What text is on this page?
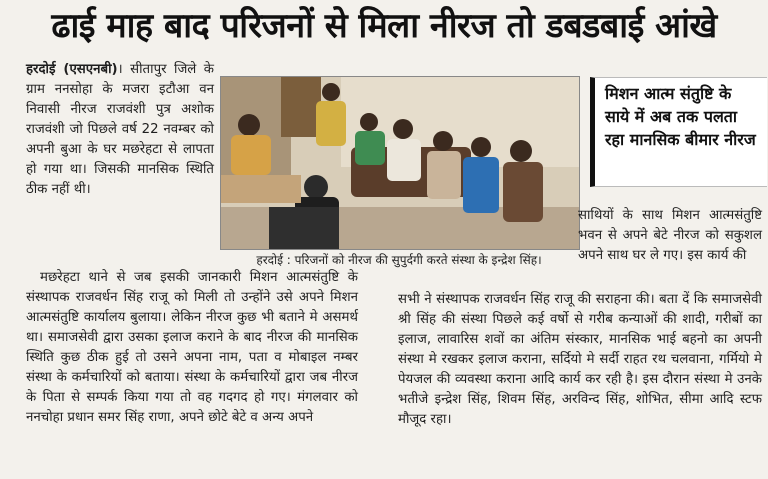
ढाई माह बाद परिजनों से मिला नीरज तो डबडबाई आंखे

हरदोई (एसएनबी)। सीतापुर जिले के ग्राम ननसोहा के मजरा इटौआ वन निवासी नीरज राजवंशी पुत्र अशोक राजवंशी जो पिछले वर्ष 22 नवम्बर को अपनी बुआ के घर मछरेहटा से लापता हो गया था। जिसकी मानसिक स्थिति ठीक नहीं थी।

हरदोई : परिजनों को नीरज की सुपुर्दगी करते संस्था के इन्द्रेश सिंह।
मिशन आत्म संतुष्टि के साये में अब तक पलता रहा मानसिक बीमार नीरज

मछरेहटा थाने से जब इसकी जानकारी मिशन आत्मसंतुष्टि के संस्थापक राजवर्धन सिंह राजू को मिली तो उन्होंने उसे अपने मिशन आत्मसंतुष्टि कार्यालय बुलाया। लेकिन नीरज कुछ भी बताने मे असमर्थ था। समाजसेवी द्वारा उसका इलाज कराने के बाद नीरज की मानसिक स्थिति कुछ ठीक हुई तो उसने अपना नाम, पता व मोबाइल नम्बर संस्था के कर्मचारियों को बताया। संस्था के कर्मचारियों द्वारा जब नीरज के पिता से सम्पर्क किया गया तो वह गदगद हो गए। मंगलवार को ननचोहा प्रधान समर सिंह राणा, अपने छोटे बेटे व अन्य अपने

साथियों के साथ मिशन आत्मसंतुष्टि भवन से अपने बेटे नीरज को सकुशल अपने साथ घर ले गए। इस कार्य की

सभी ने संस्थापक राजवर्धन सिंह राजू की सराहना की। बता दें कि समाजसेवी श्री सिंह की संस्था पिछले कई वर्षो से गरीब कन्याओं की शादी, गरीबों का इलाज, लावारिस शवों का अंतिम संस्कार, मानसिक भाई बहनो का अपनी संस्था मे रखकर इलाज कराना, सर्दियो मे सर्दी राहत रथ चलवाना, गर्मियो मे पेयजल की व्यवस्था कराना आदि कार्य कर रही है। इस दौरान संस्था मे उनके भतीजे इन्द्रेश सिंह, शिवम सिंह, अरविन्द सिंह, शोभित, सीमा आदि स्टफ मौजूद रहा।
